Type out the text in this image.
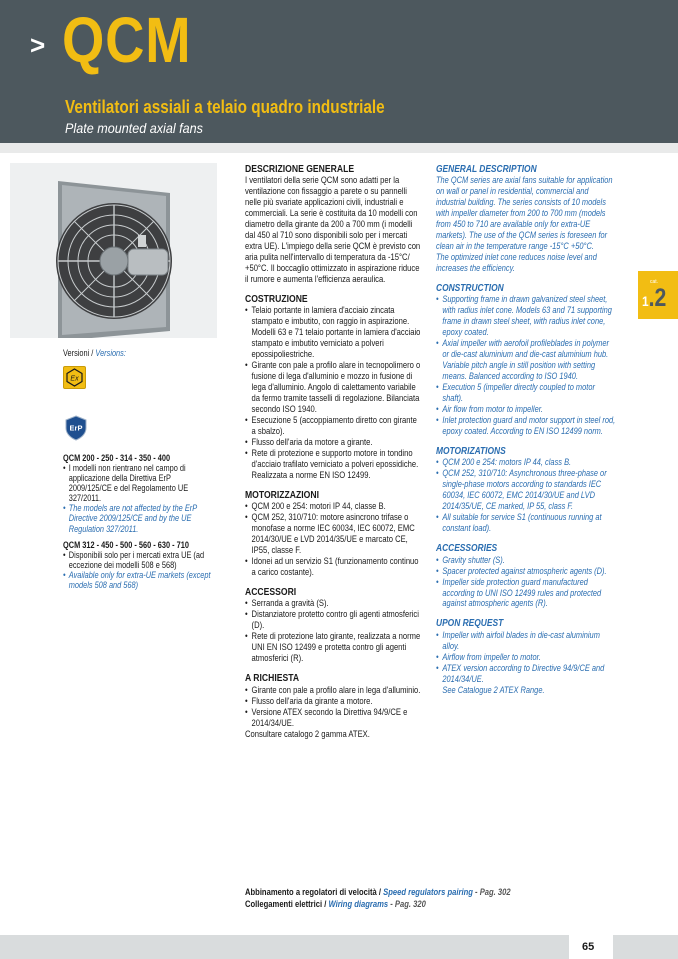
> QCM
Ventilatori assiali a telaio quadro industriale
Plate mounted axial fans
cat.
1.2
Versioni / Versions:
Ex
ErP
QCM 200 - 250 - 314 - 350 - 400
• I modelli non rientrano nel campo di applicazione della Direttiva ErP 2009/125/CE e del Regolamento UE 327/2011.
• The models are not affected by the ErP Directive 2009/125/CE and by the UE Regulation 327/2011.
QCM 312 - 450 - 500 - 560 - 630 - 710
• Disponibili solo per i mercati extra UE (ad eccezione dei modelli 508 e 568)
• Available only for extra-UE markets (except models 508 and 568)
DESCRIZIONE GENERALE

I ventilatori della serie QCM sono adatti per la ventilazione con fissaggio a parete o su pannelli nelle più svariate applicazioni civili, industriali e commerciali. La serie è costituita da 10 modelli con diametro della girante da 200 a 700 mm (i modelli dal 450 al 710 sono disponibili solo per i mercati extra UE). L'impiego della serie QCM è previsto con aria pulita nell'intervallo di temperatura da -15°C/ +50°C. Il boccaglio ottimizzato in aspirazione riduce il rumore e aumenta l'efficienza aeraulica.

COSTRUZIONE
• Telaio portante in lamiera d'acciaio zincata stampato e imbutito, con raggio in aspirazione. Modelli 63 e 71 telaio portante in lamiera d'acciaio stampato e imbutito verniciato a polveri epossipoliestriche.
• Girante con pale a profilo alare in tecnopolimero o fusione di lega d'alluminio e mozzo in fusione di lega d'alluminio. Angolo di calettamento variabile da fermo tramite tasselli di regolazione. Bilanciata secondo ISO 1940.
• Esecuzione 5 (accoppiamento diretto con girante a sbalzo).
• Flusso dell'aria da motore a girante.
• Rete di protezione e supporto motore in tondino d'acciaio trafilato verniciato a polveri epossidiche. Realizzata a norme EN ISO 12499.
MOTORIZZAZIONI
• QCM 200 e 254: motori IP 44, classe B.
• QCM 252, 310/710: motore asincrono trifase o monofase a norme IEC 60034, IEC 60072, EMC 2014/30/UE e LVD 2014/35/UE e marcato CE, IP55, classe F.
• Idonei ad un servizio S1 (funzionamento continuo a carico costante).
ACCESSORI
• Serranda a gravità (S).
• Distanziatore protetto contro gli agenti atmosferici (D).
• Rete di protezione lato girante, realizzata a norme UNI EN ISO 12499 e protetta contro gli agenti atmosferici (R).
A RICHIESTA
• Girante con pale a profilo alare in lega d'alluminio.
• Flusso dell'aria da girante a motore.
• Versione ATEX secondo la Direttiva 94/9/CE e 2014/34/UE.

Consultare catalogo 2 gamma ATEX.

GENERAL DESCRIPTION

The QCM series are axial fans suitable for application on wall or panel in residential, commercial and industrial building. The series consists of 10 models with impeller diameter from 200 to 700 mm (models from 450 to 710 are available only for extra-UE markets). The use of the QCM series is foreseen for clean air in the temperature range -15°C +50°C.

The optimized inlet cone reduces noise level and increases the efficiency.

CONSTRUCTION
• Supporting frame in drawn galvanized steel sheet, with radius inlet cone. Models 63 and 71 supporting frame in drawn steel sheet, with radius inlet cone, epoxy coated.
• Axial impeller with aerofoil profileblades in polymer or die-cast aluminium and die-cast aluminium hub. Variable pitch angle in still position with setting means. Balanced according to ISO 1940.
• Execution 5 (impeller directly coupled to motor shaft).
• Air flow from motor to impeller.
• Inlet protection guard and motor support in steel rod, epoxy coated. According to EN ISO 12499 norm.
MOTORIZATIONS
• QCM 200 e 254: motors IP 44, class B.
• QCM 252, 310/710: Asynchronous three-phase or single-phase motors according to standards IEC 60034, IEC 60072, EMC 2014/30/UE and LVD 2014/35/UE, CE marked, IP 55, class F.
• All suitable for service S1 (continuous running at constant load).
ACCESSORIES
• Gravity shutter (S).
• Spacer protected against atmospheric agents (D).
• Impeller side protection guard manufactured according to UNI ISO 12499 rules and protected against atmospheric agents (R).
UPON REQUEST
• Impeller with airfoil blades in die-cast aluminium alloy.
• Airflow from impeller to motor.
• ATEX version according to Directive 94/9/CE and 2014/34/UE.

See Catalogue 2 ATEX Range.

Abbinamento a regolatori di velocità / Speed regulators pairing - Pag. 302
Collegamenti elettrici / Wiring diagrams - Pag. 320
65
